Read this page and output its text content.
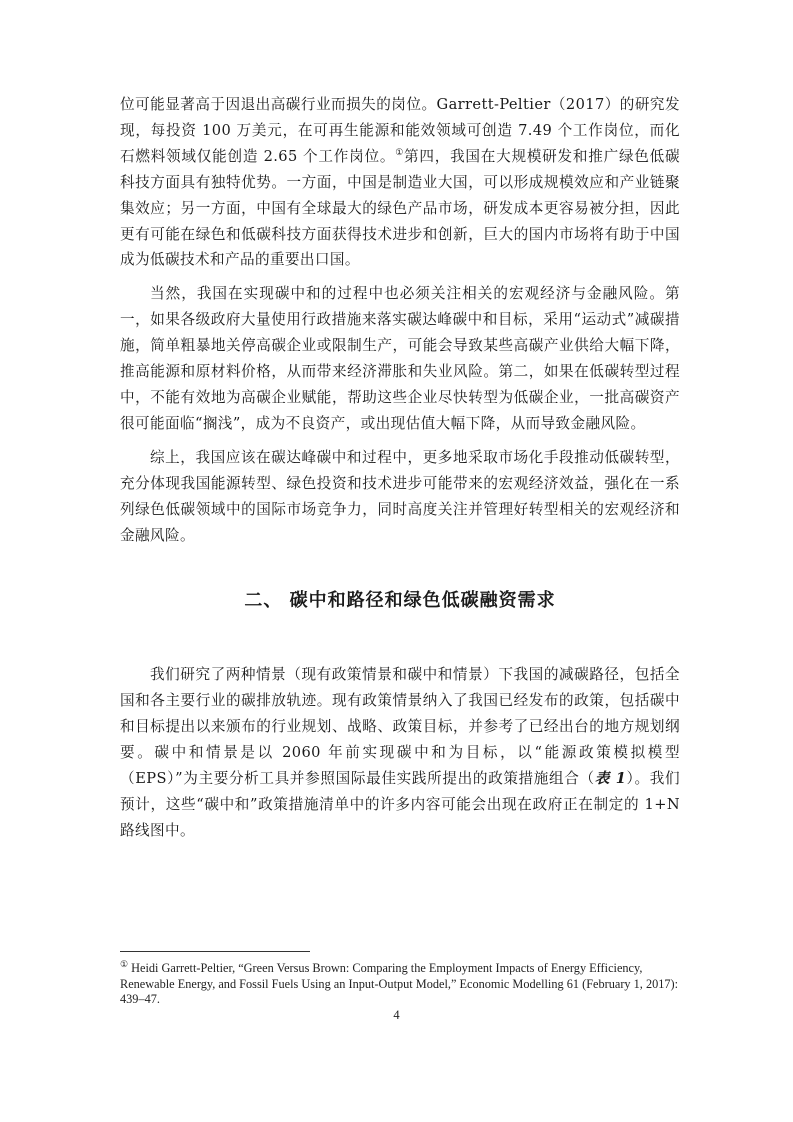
位可能显著高于因退出高碳行业而损失的岗位。Garrett-Peltier（2017）的研究发现，每投资 100 万美元，在可再生能源和能效领域可创造 7.49 个工作岗位，而化石燃料领域仅能创造 2.65 个工作岗位。①第四，我国在大规模研发和推广绿色低碳科技方面具有独特优势。一方面，中国是制造业大国，可以形成规模效应和产业链聚集效应；另一方面，中国有全球最大的绿色产品市场，研发成本更容易被分担，因此更有可能在绿色和低碳科技方面获得技术进步和创新，巨大的国内市场将有助于中国成为低碳技术和产品的重要出口国。

当然，我国在实现碳中和的过程中也必须关注相关的宏观经济与金融风险。第一，如果各级政府大量使用行政措施来落实碳达峰碳中和目标，采用“运动式”减碳措施，简单粗暴地关停高碳企业或限制生产，可能会导致某些高碳产业供给大幅下降，推高能源和原材料价格，从而带来经济滞胀和失业风险。第二，如果在低碳转型过程中，不能有效地为高碳企业赋能，帮助这些企业尽快转型为低碳企业，一批高碳资产很可能面临“搁浅”，成为不良资产，或出现估值大幅下降，从而导致金融风险。

综上，我国应该在碳达峰碳中和过程中，更多地采取市场化手段推动低碳转型，充分体现我国能源转型、绿色投资和技术进步可能带来的宏观经济效益，强化在一系列绿色低碳领域中的国际市场竞争力，同时高度关注并管理好转型相关的宏观经济和金融风险。

二、 碳中和路径和绿色低碳融资需求

我们研究了两种情景（现有政策情景和碳中和情景）下我国的减碳路径，包括全国和各主要行业的碳排放轨迹。现有政策情景纳入了我国已经发布的政策，包括碳中和目标提出以来颁布的行业规划、战略、政策目标，并参考了已经出台的地方规划纲要。碳中和情景是以 2060 年前实现碳中和为目标，以“能源政策模拟模型（EPS）”为主要分析工具并参照国际最佳实践所提出的政策措施组合（表 1）。我们预计，这些“碳中和”政策措施清单中的许多内容可能会出现在政府正在制定的 1+N 路线图中。

① Heidi Garrett-Peltier, “Green Versus Brown: Comparing the Employment Impacts of Energy Efficiency, Renewable Energy, and Fossil Fuels Using an Input-Output Model,” Economic Modelling 61 (February 1, 2017): 439–47.
4
